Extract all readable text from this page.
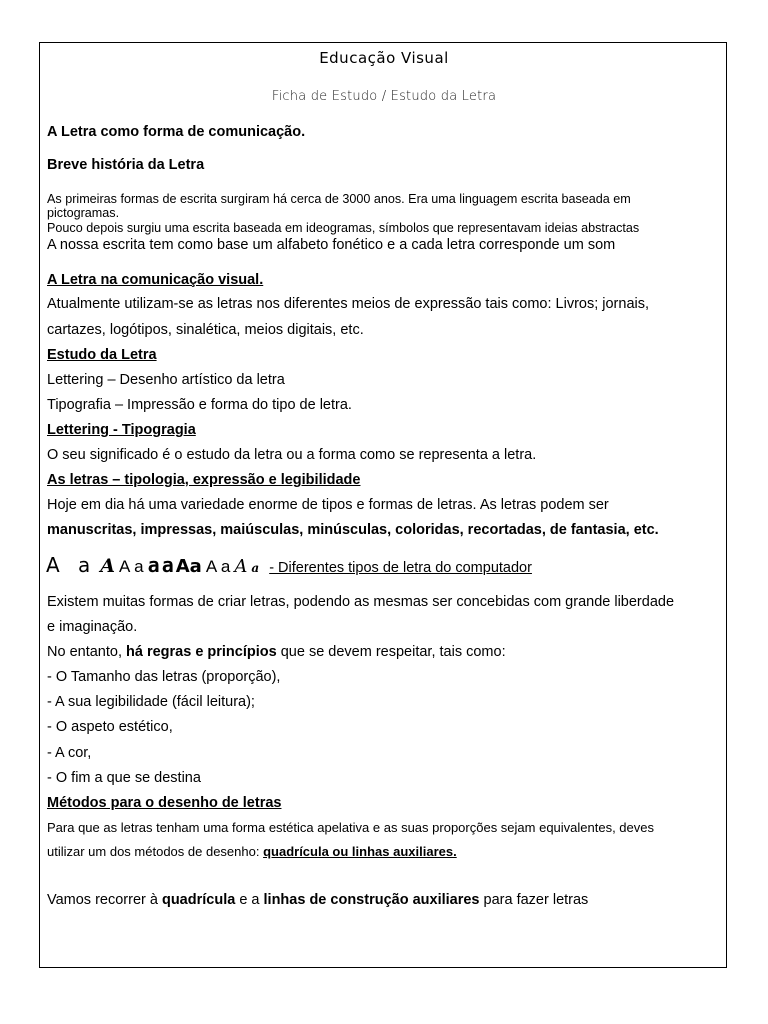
Educação Visual
Ficha de Estudo / Estudo da Letra
A Letra como forma de comunicação.
Breve história da Letra
As primeiras formas de escrita surgiram há cerca de 3000 anos. Era uma linguagem escrita baseada em
pictogramas.
Pouco depois surgiu uma escrita baseada em ideogramas, símbolos que representavam ideias abstractas
A nossa escrita tem como base um alfabeto fonético e a cada letra corresponde um som
A Letra na comunicação visual.
Atualmente utilizam-se as letras nos diferentes meios de expressão tais como: Livros; jornais,
cartazes, logótipos, sinalética, meios digitais, etc.
Estudo da Letra
Lettering – Desenho artístico da letra
Tipografia – Impressão e forma do tipo de letra.
Lettering - Tipogragia
O seu significado é o estudo da letra ou a forma como se representa a letra.
As letras – tipologia, expressão e legibilidade
Hoje em dia há uma variedade enorme de tipos e formas de letras. As letras podem ser
manuscritas, impressas, maiúsculas, minúsculas, coloridas, recortadas, de fantasia, etc.
A a A A a a a Aa A a A a - Diferentes tipos de letra do computador
Existem muitas formas de criar letras, podendo as mesmas ser concebidas com grande liberdade
e imaginação.
No entanto, há regras e princípios que se devem respeitar, tais como:
- O Tamanho das letras (proporção),
- A sua legibilidade (fácil leitura);
- O aspeto estético,
- A cor,
- O fim a que se destina
Métodos para o desenho de letras
Para que as letras tenham uma forma estética apelativa e as suas proporções sejam equivalentes, deves
utilizar um dos métodos de desenho: quadrícula ou linhas auxiliares.
Vamos recorrer à quadrícula e a linhas de construção auxiliares para fazer letras
